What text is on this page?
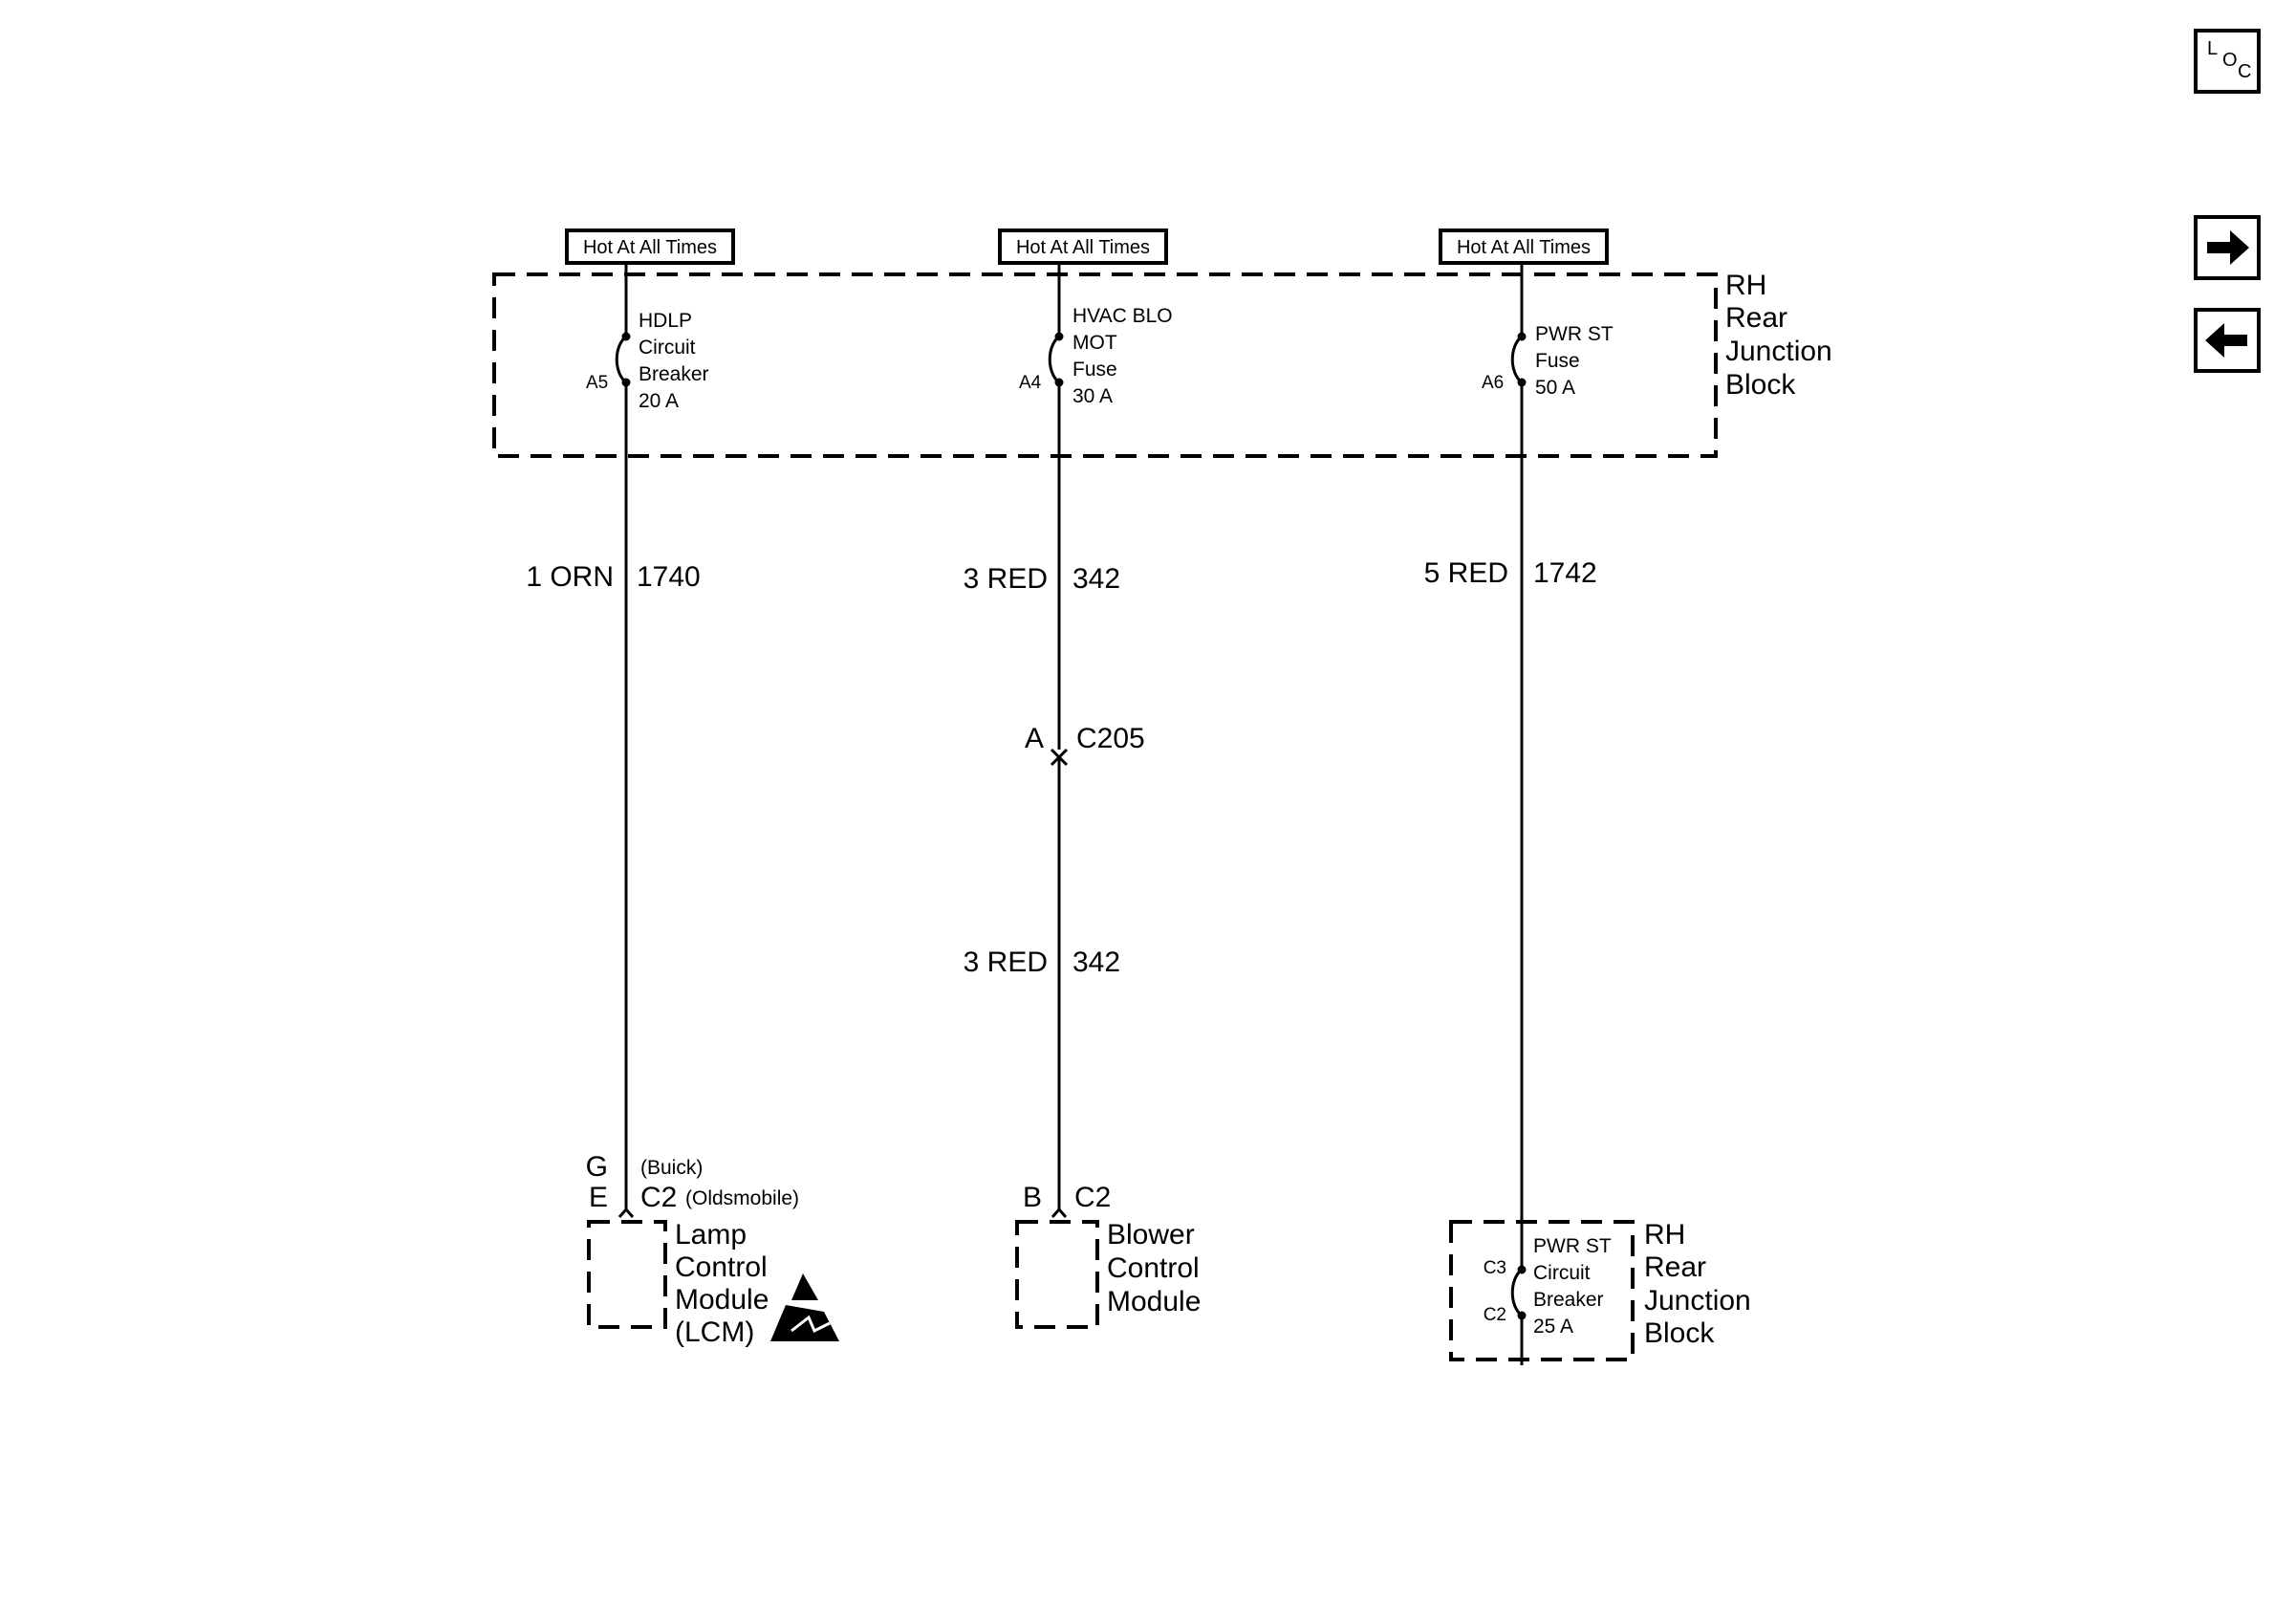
L
O
C
Hot At All Times	Hot At All Times	Hot At All Times
RH
Rear
Junction
Block
A5
HDLP
Circuit
Breaker
20 A
1 ORN 1740
A4
HVAC BLO
MOT
Fuse
30 A
3 RED 342
A C205
3 RED 342
A6
PWR ST
Fuse
50 A
5 RED 1742
G
E
(Buick)
C2 (Oldsmobile)
Lamp
Control
Module
(LCM)
B C2
Blower
Control
Module
C3
C2
PWR ST
Circuit
Breaker
25 A
RH
Rear
Junction
Block
